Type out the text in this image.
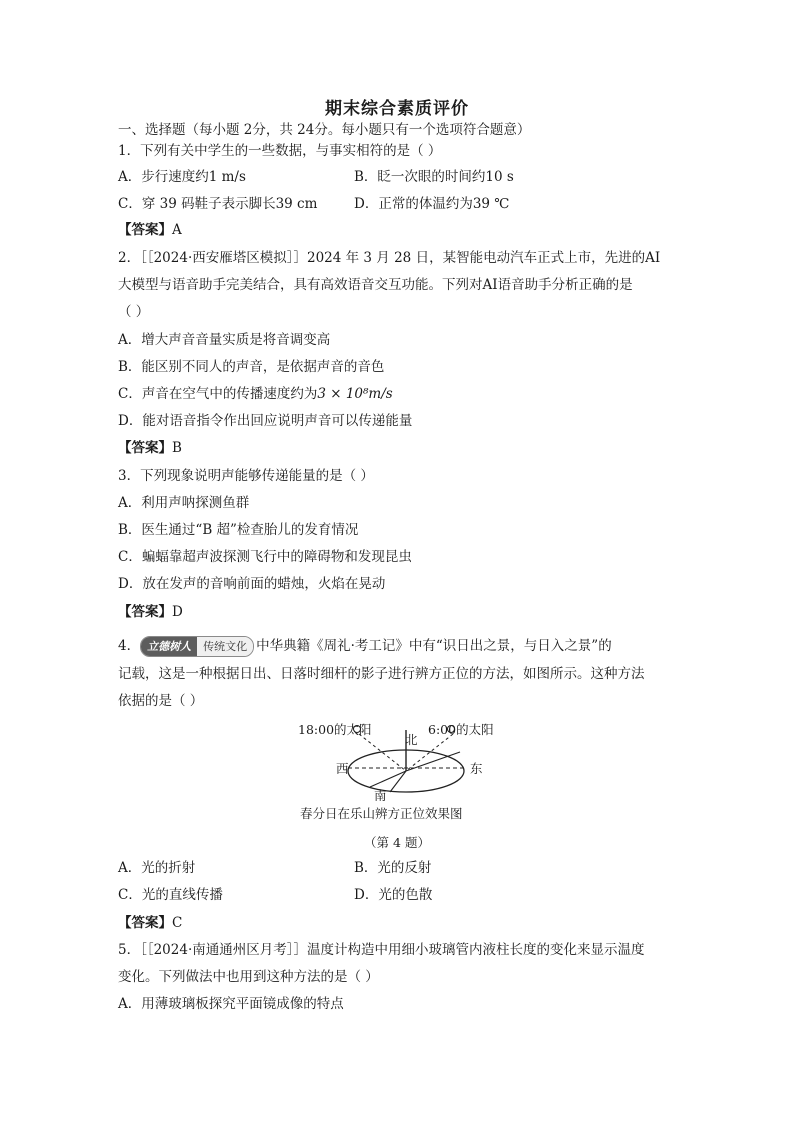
期末综合素质评价
一、选择题（每小题 2分，共 24分。每小题只有一个选项符合题意）
1．下列有关中学生的一些数据，与事实相符的是（ ）
A．步行速度约1 m/s	B．眨一次眼的时间约10 s
C．穿 39 码鞋子表示脚长39 cm	D．正常的体温约为39 ℃
【答案】A
2．［［2024·西安雁塔区模拟］］2024 年 3 月 28 日，某智能电动汽车正式上市，先进的AI
大模型与语音助手完美结合，具有高效语音交互功能。下列对AI语音助手分析正确的是
（ ）
A．增大声音音量实质是将音调变高
B．能区别不同人的声音，是依据声音的音色
C．声音在空气中的传播速度约为3 × 10⁸m/s
D．能对语音指令作出回应说明声音可以传递能量
【答案】B
3．下列现象说明声能够传递能量的是（ ）
A．利用声呐探测鱼群
B．医生通过“B 超”检查胎儿的发育情况
C．蝙蝠靠超声波探测飞行中的障碍物和发现昆虫
D．放在发声的音响前面的蜡烛，火焰在晃动
【答案】D
4． 立德树人	传统文化 中华典籍《周礼·考工记》中有“识日出之景，与日入之景”的
记载，这是一种根据日出、日落时细杆的影子进行辨方正位的方法，如图所示。这种方法
依据的是（ ）
18:00的太阳	6:00的太阳
北
西	东
南
春分日在乐山辨方正位效果图
（第 4 题）
A．光的折射	B．光的反射
C．光的直线传播	D．光的色散
【答案】C
5．［［2024·南通通州区月考］］温度计构造中用细小玻璃管内液柱长度的变化来显示温度
变化。下列做法中也用到这种方法的是（ ）
A．用薄玻璃板探究平面镜成像的特点
